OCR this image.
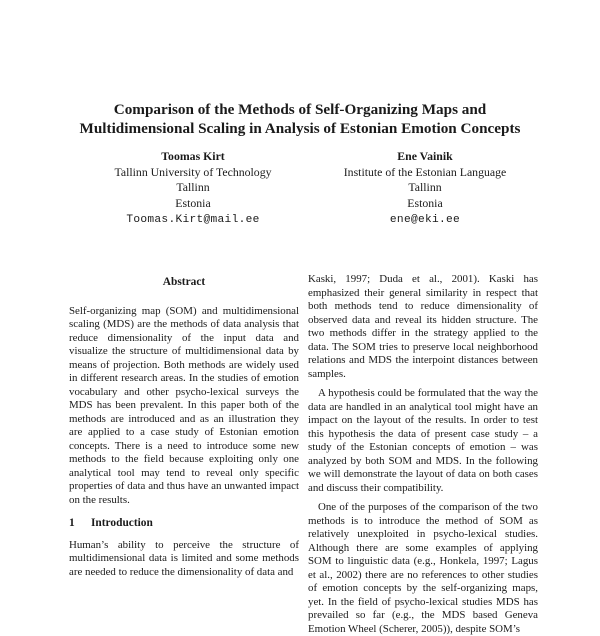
Comparison of the Methods of Self-Organizing Maps and
Multidimensional Scaling in Analysis of Estonian Emotion Concepts
Toomas Kirt
Tallinn University of Technology
Tallinn
Estonia
Toomas.Kirt@mail.ee
Ene Vainik
Institute of the Estonian Language
Tallinn
Estonia
ene@eki.ee
Abstract

Self-organizing map (SOM) and multidimensional scaling (MDS) are the methods of data analysis that reduce dimensionality of the input data and visualize the structure of multidimensional data by means of projection. Both methods are widely used in different research areas. In the studies of emotion vocabulary and other psycho-lexical surveys the MDS has been prevalent. In this paper both of the methods are introduced and as an illustration they are applied to a case study of Estonian emotion concepts. There is a need to introduce some new methods to the field because exploiting only one analytical tool may tend to reveal only specific properties of data and thus have an unwanted impact on the results.

1 Introduction

Human’s ability to perceive the structure of multidimensional data is limited and some methods are needed to reduce the dimensionality of data and

Kaski, 1997; Duda et al., 2001). Kaski has emphasized their general similarity in respect that both methods tend to reduce dimensionality of observed data and reveal its hidden structure. The two methods differ in the strategy applied to the data. The SOM tries to preserve local neighborhood relations and MDS the interpoint distances between samples.

A hypothesis could be formulated that the way the data are handled in an analytical tool might have an impact on the layout of the results. In order to test this hypothesis the data of present case study – a study of the Estonian concepts of emotion – was analyzed by both SOM and MDS. In the following we will demonstrate the layout of data on both cases and discuss their compatibility.

One of the purposes of the comparison of the two methods is to introduce the method of SOM as relatively unexploited in psycho-lexical studies. Although there are some examples of applying SOM to linguistic data (e.g., Honkela, 1997; Lagus et al., 2002) there are no references to other studies of emotion concepts by the self-organizing maps, yet. In the field of psycho-lexical studies MDS has prevailed so far (e.g., the MDS based Geneva Emotion Wheel (Scherer, 2005)), despite SOM’s
